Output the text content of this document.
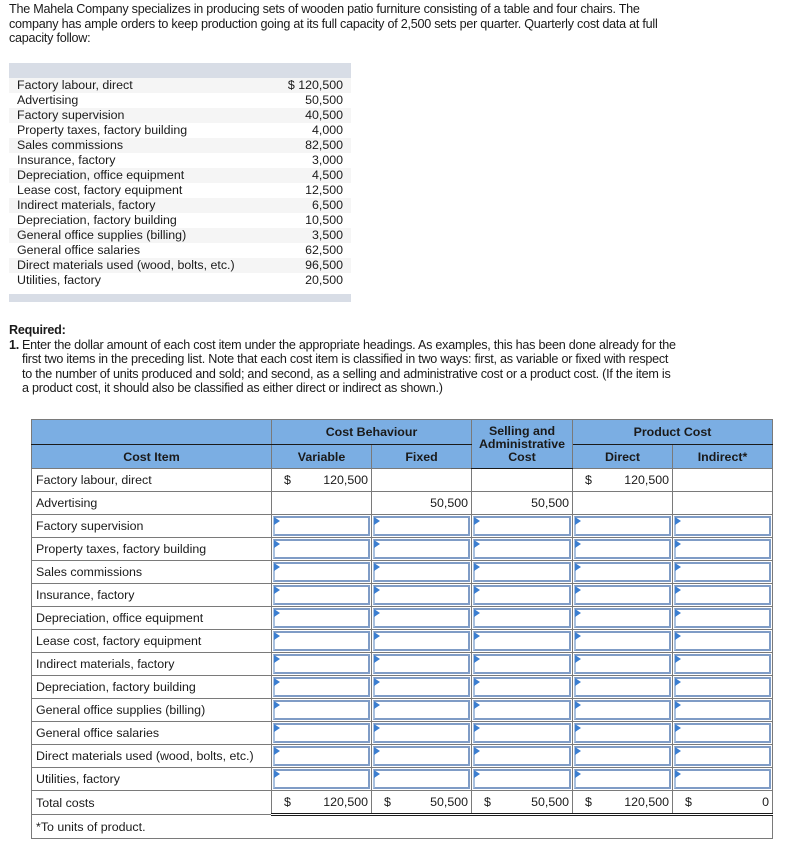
The Mahela Company specializes in producing sets of wooden patio furniture consisting of a table and four chairs. The
company has ample orders to keep production going at its full capacity of 2,500 sets per quarter. Quarterly cost data at full
capacity follow:
Factory labour, direct	$ 120,500
Advertising	50,500
Factory supervision	40,500
Property taxes, factory building	4,000
Sales commissions	82,500
Insurance, factory	3,000
Depreciation, office equipment	4,500
Lease cost, factory equipment	12,500
Indirect materials, factory	6,500
Depreciation, factory building	10,500
General office supplies (billing)	3,500
General office salaries	62,500
Direct materials used (wood, bolts, etc.)	96,500
Utilities, factory	20,500
Required:
1. Enter the dollar amount of each cost item under the appropriate headings. As examples, this has been done already for the
first two items in the preceding list. Note that each cost item is classified in two ways: first, as variable or fixed with respect
to the number of units produced and sold; and second, as a selling and administrative cost or a product cost. (If the item is
a product cost, it should also be classified as either direct or indirect as shown.)
	Cost Behaviour		Selling and Administrative Cost	Product Cost	
Cost Item	Variable	Fixed		Direct	Indirect*
Factory labour, direct	$ 120,500			$ 120,500	

Advertising		50,500	50,500		

Factory supervision	

Property taxes, factory building	

Sales commissions	

Insurance, factory	

Depreciation, office equipment	

Lease cost, factory equipment	

Indirect materials, factory	

Depreciation, factory building	

General office supplies (billing)	

General office salaries	

Direct materials used (wood, bolts, etc.)	

Utilities, factory	

Total costs	$ 120,500	$ 50,500	$ 50,500	$ 120,500	$ 0

*To units of product.					
